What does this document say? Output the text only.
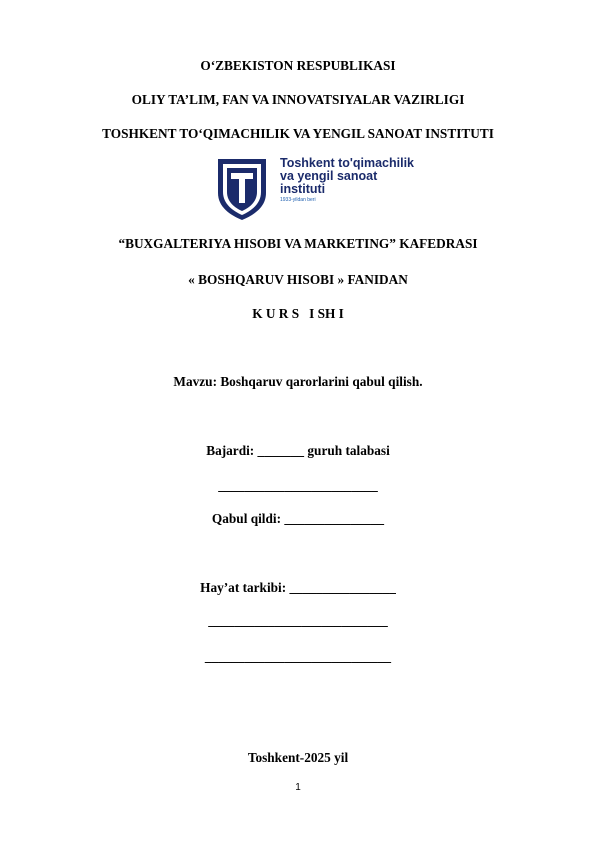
O‘ZBEKISTON RESPUBLIKASI
OLIY TA’LIM, FAN VA INNOVATSIYALAR VAZIRLIGI
TOSHKENT TO‘QIMACHILIK VA YENGIL SANOAT INSTITUTI
Toshkent to'qimachilik
va yengil sanoat
instituti
1933-yildan beri
“BUXGALTERIYA HISOBI VA MARKETING” KAFEDRASI
« BOSHQARUV HISOBI » FANIDAN
K U R S   I SH I
Mavzu: Boshqaruv qarorlarini qabul qilish.
Bajardi: _______ guruh talabasi
________________________
Qabul qildi: _______________
Hay’at tarkibi: ________________
___________________________
____________________________
Toshkent-2025 yil
1
